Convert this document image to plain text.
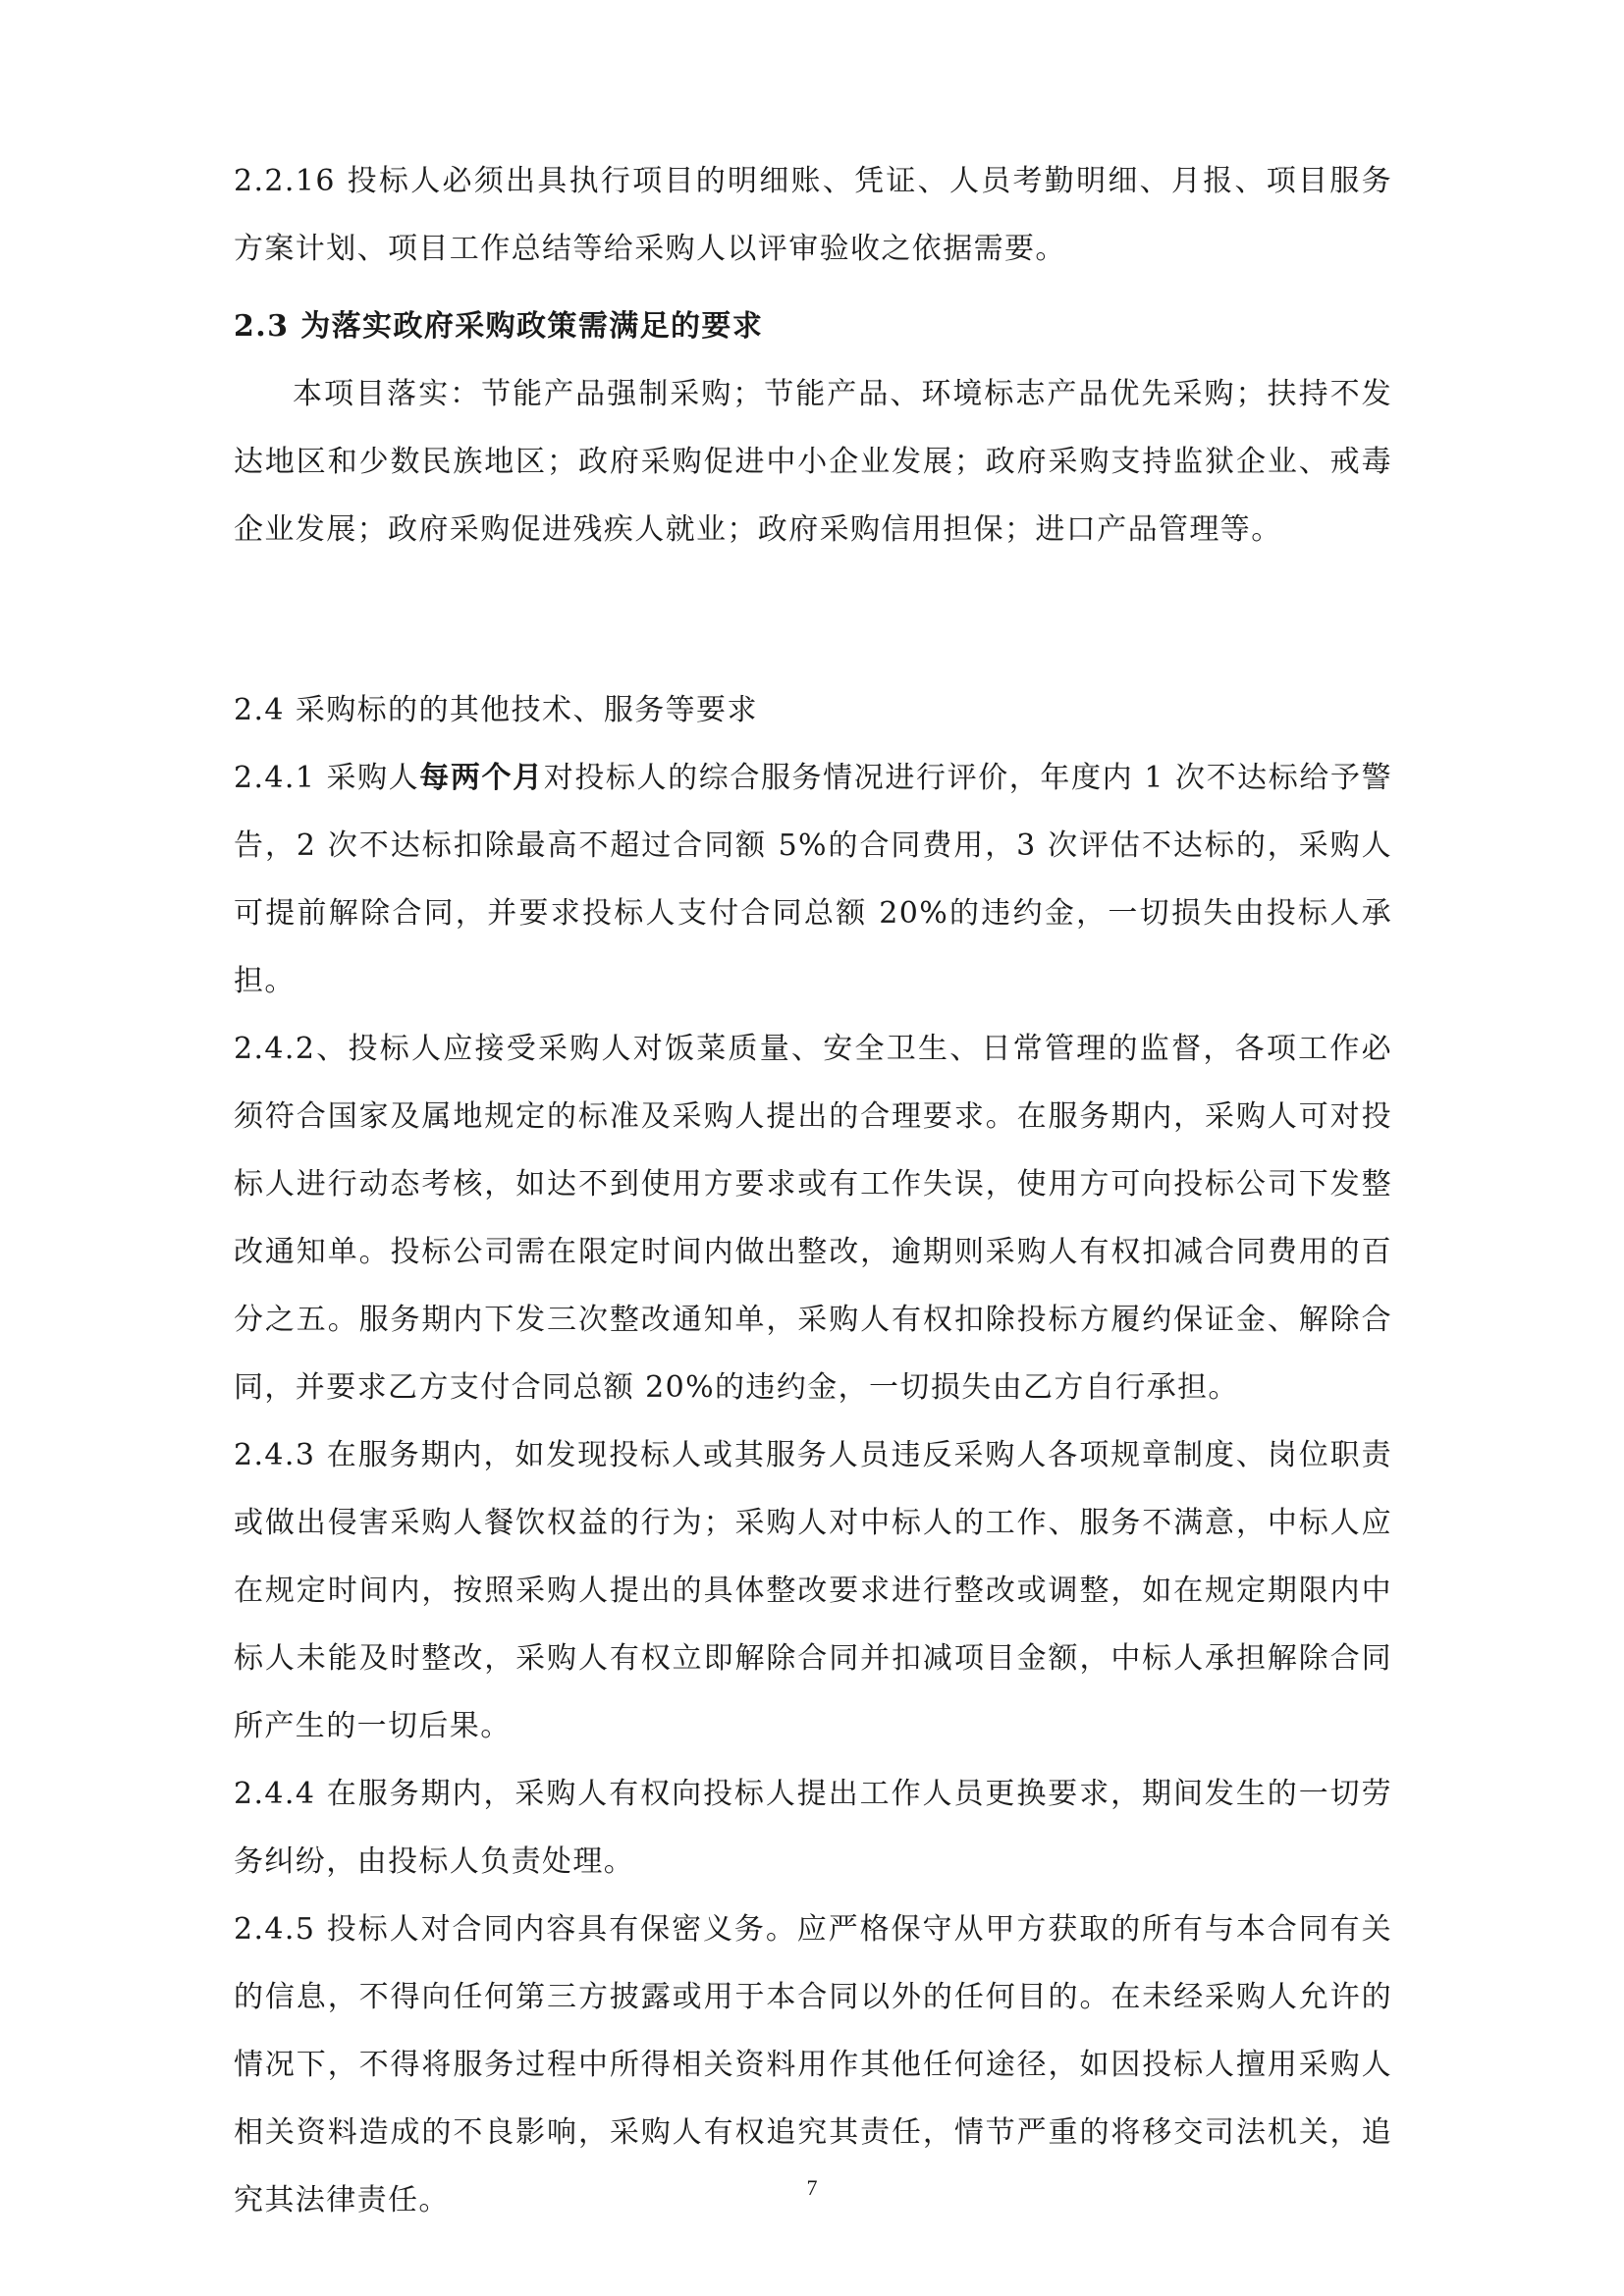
2.2.16 投标人必须出具执行项目的明细账、凭证、人员考勤明细、月报、项目服务方案计划、项目工作总结等给采购人以评审验收之依据需要。

2.3 为落实政府采购政策需满足的要求

本项目落实：节能产品强制采购；节能产品、环境标志产品优先采购；扶持不发达地区和少数民族地区；政府采购促进中小企业发展；政府采购支持监狱企业、戒毒企业发展；政府采购促进残疾人就业；政府采购信用担保；进口产品管理等。

2.4 采购标的的其他技术、服务等要求

2.4.1 采购人每两个月对投标人的综合服务情况进行评价，年度内 1 次不达标给予警告，2 次不达标扣除最高不超过合同额 5%的合同费用，3 次评估不达标的，采购人可提前解除合同，并要求投标人支付合同总额 20%的违约金，一切损失由投标人承担。

2.4.2、投标人应接受采购人对饭菜质量、安全卫生、日常管理的监督，各项工作必须符合国家及属地规定的标准及采购人提出的合理要求。在服务期内，采购人可对投标人进行动态考核，如达不到使用方要求或有工作失误，使用方可向投标公司下发整改通知单。投标公司需在限定时间内做出整改，逾期则采购人有权扣减合同费用的百分之五。服务期内下发三次整改通知单，采购人有权扣除投标方履约保证金、解除合同，并要求乙方支付合同总额 20%的违约金，一切损失由乙方自行承担。

2.4.3 在服务期内，如发现投标人或其服务人员违反采购人各项规章制度、岗位职责或做出侵害采购人餐饮权益的行为；采购人对中标人的工作、服务不满意，中标人应在规定时间内，按照采购人提出的具体整改要求进行整改或调整，如在规定期限内中标人未能及时整改，采购人有权立即解除合同并扣减项目金额，中标人承担解除合同所产生的一切后果。

2.4.4 在服务期内，采购人有权向投标人提出工作人员更换要求，期间发生的一切劳务纠纷，由投标人负责处理。

2.4.5 投标人对合同内容具有保密义务。应严格保守从甲方获取的所有与本合同有关的信息，不得向任何第三方披露或用于本合同以外的任何目的。在未经采购人允许的情况下，不得将服务过程中所得相关资料用作其他任何途径，如因投标人擅用采购人相关资料造成的不良影响，采购人有权追究其责任，情节严重的将移交司法机关，追究其法律责任。	7
